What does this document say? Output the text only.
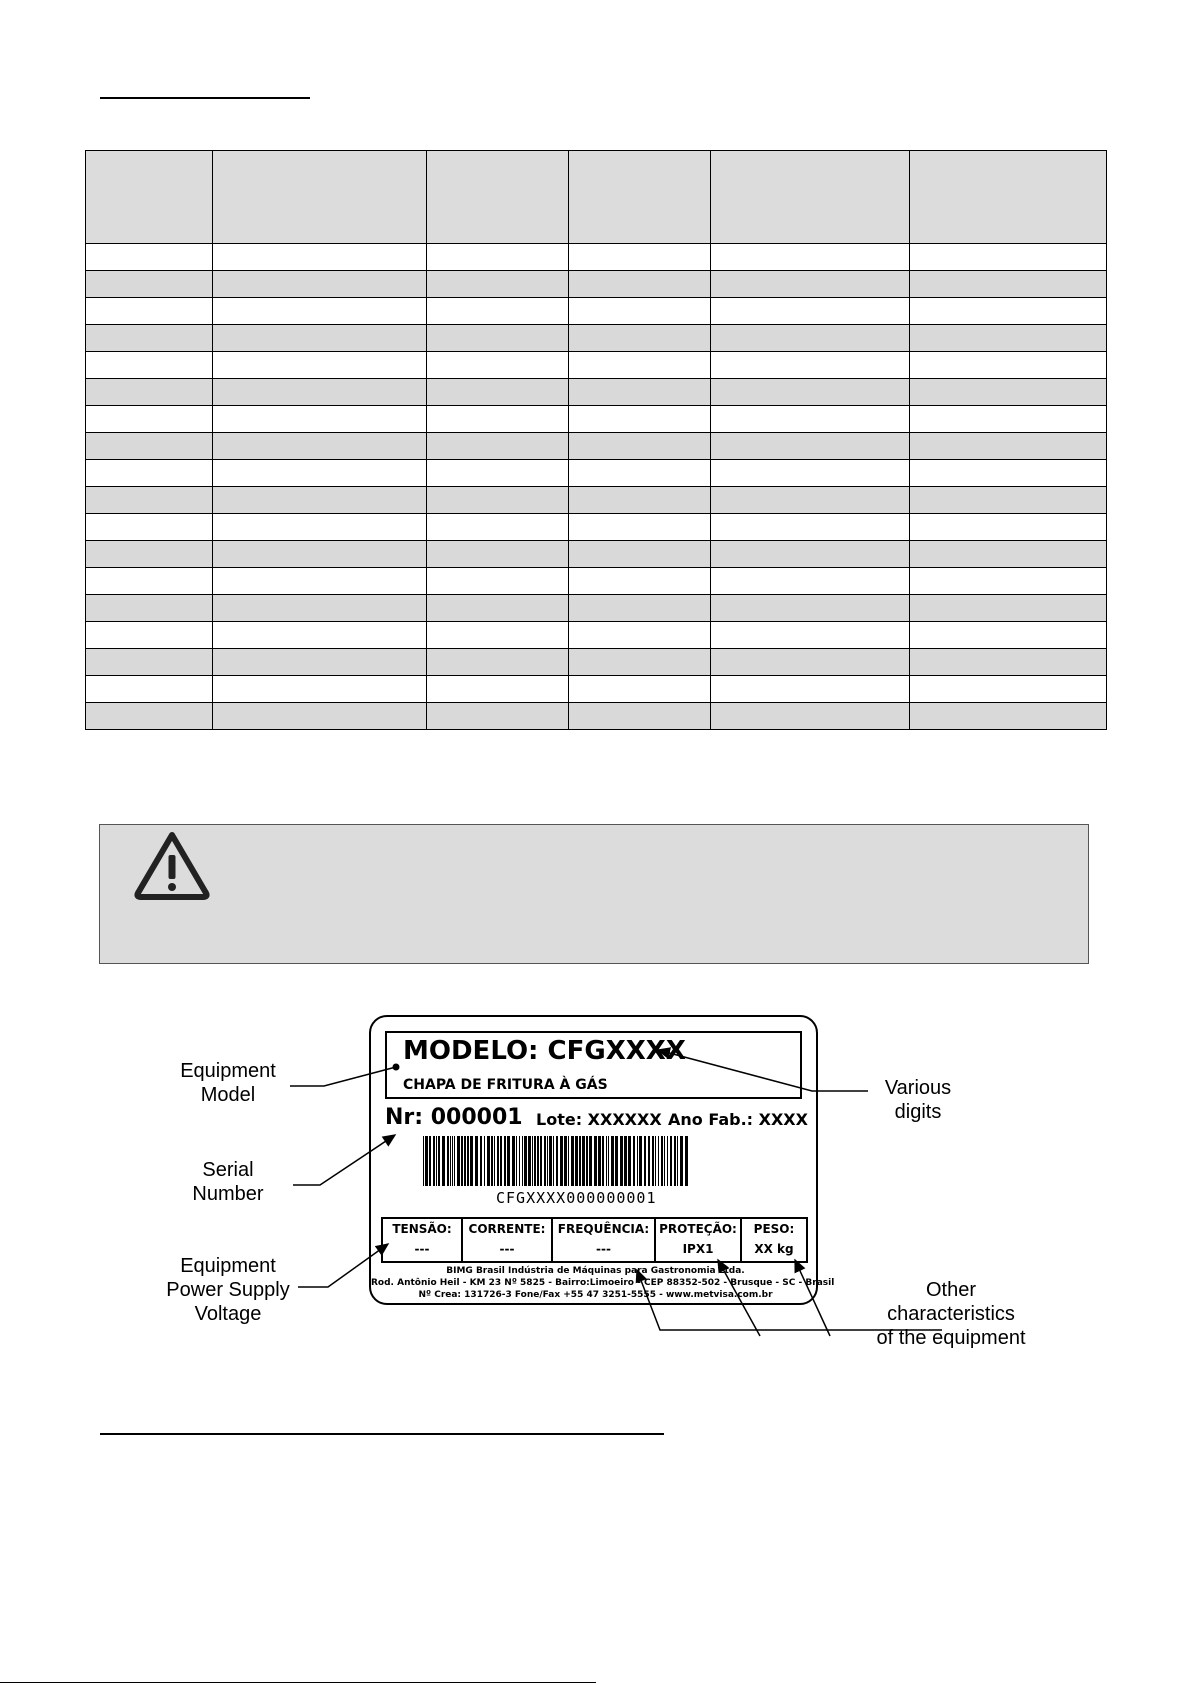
MODELO: CFGXXXX
CHAPA DE FRITURA À GÁS
Nr: 000001 Lote: XXXXXX Ano Fab.: XXXX
CFGXXXX000000001
TENSÃO:
---
CORRENTE:
---
FREQUÊNCIA:
---
PROTEÇÃO:
IPX1
PESO:
XX kg
BIMG Brasil Indústria de Máquinas para Gastronomia Ltda.
Rod. Antônio Heil - KM 23 Nº 5825 - Bairro:Limoeiro - CEP 88352-502 - Brusque - SC - Brasil
Nº Crea: 131726-3 Fone/Fax +55 47 3251-5555 - www.metvisa.com.br
Equipment
Model
Serial
Number
Equipment
Power Supply
Voltage
Various
digits
Other
characteristics
of the equipment
